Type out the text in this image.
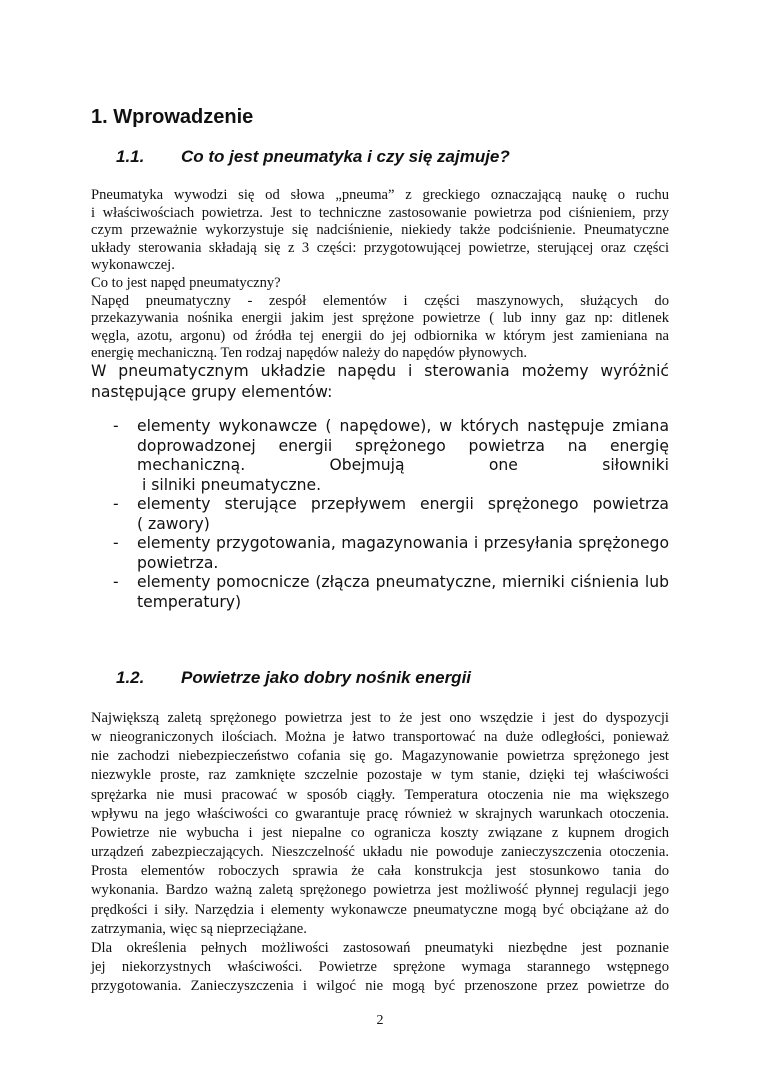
1. Wprowadzenie
1.1. Co to jest pneumatyka i czy się zajmuje?
Pneumatyka wywodzi się od słowa „pneuma” z greckiego oznaczającą naukę o ruchu
i właściwościach powietrza. Jest to techniczne zastosowanie powietrza pod ciśnieniem, przy
czym przeważnie wykorzystuje się nadciśnienie, niekiedy także podciśnienie. Pneumatyczne
układy sterowania składają się z 3 części: przygotowującej powietrze, sterującej oraz części
wykonawczej.
Co to jest napęd pneumatyczny?
Napęd pneumatyczny - zespół elementów i części maszynowych, służących do
przekazywania nośnika energii jakim jest sprężone powietrze ( lub inny gaz np: ditlenek
węgla, azotu, argonu) od źródła tej energii do jej odbiornika w którym jest zamieniana na
energię mechaniczną. Ten rodzaj napędów należy do napędów płynowych.
W pneumatycznym układzie napędu i sterowania możemy wyróżnić
następujące grupy elementów:
- elementy wykonawcze ( napędowe), w których następuje zmiana
doprowadzonej energii sprężonego powietrza na energię
mechaniczną. Obejmują one siłowniki
i silniki pneumatyczne.
- elementy sterujące przepływem energii sprężonego powietrza
( zawory)
- elementy przygotowania, magazynowania i przesyłania sprężonego
powietrza.
- elementy pomocnicze (złącza pneumatyczne, mierniki ciśnienia lub
temperatury)
1.2. Powietrze jako dobry nośnik energii
Największą zaletą sprężonego powietrza jest to że jest ono wszędzie i jest do dyspozycji
w nieograniczonych ilościach. Można je łatwo transportować na duże odległości, ponieważ
nie zachodzi niebezpieczeństwo cofania się go. Magazynowanie powietrza sprężonego jest
niezwykle proste, raz zamknięte szczelnie pozostaje w tym stanie, dzięki tej właściwości
sprężarka nie musi pracować w sposób ciągły. Temperatura otoczenia nie ma większego
wpływu na jego właściwości co gwarantuje pracę również w skrajnych warunkach otoczenia.
Powietrze nie wybucha i jest niepalne co ogranicza koszty związane z kupnem drogich
urządzeń zabezpieczających. Nieszczelność układu nie powoduje zanieczyszczenia otoczenia.
Prosta elementów roboczych sprawia że cała konstrukcja jest stosunkowo tania do
wykonania. Bardzo ważną zaletą sprężonego powietrza jest możliwość płynnej regulacji jego
prędkości i siły. Narzędzia i elementy wykonawcze pneumatyczne mogą być obciążane aż do
zatrzymania, więc są nieprzeciążane.
Dla określenia pełnych możliwości zastosowań pneumatyki niezbędne jest poznanie
jej niekorzystnych właściwości. Powietrze sprężone wymaga starannego wstępnego
przygotowania. Zanieczyszczenia i wilgoć nie mogą być przenoszone przez powietrze do
2
